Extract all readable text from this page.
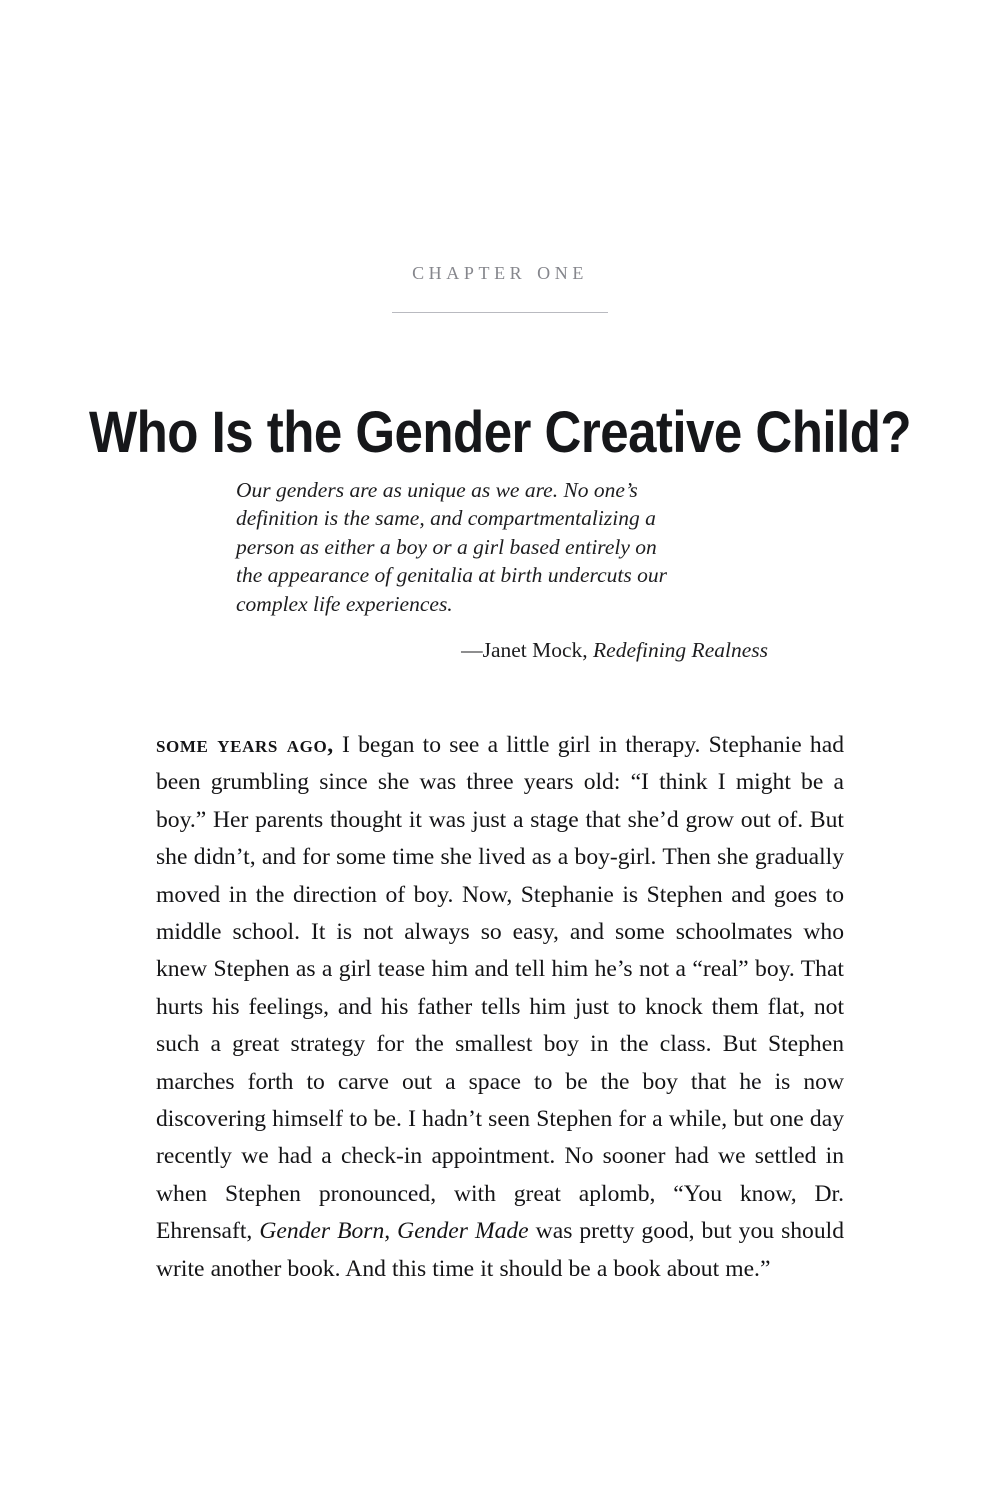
chapter one
Who Is the Gender Creative Child?

Our genders are as unique as we are. No one’s
definition is the same, and compartmentalizing a
person as either a boy or a girl based entirely on
the appearance of genitalia at birth undercuts our
complex life experiences.

—Janet Mock, Redefining Realness

some years ago, I began to see a little girl in therapy. Stephanie had been grumbling since she was three years old: “I think I might be a boy.” Her parents thought it was just a stage that she’d grow out of. But she didn’t, and for some time she lived as a boy-girl. Then she gradually moved in the direction of boy. Now, Stephanie is Stephen and goes to middle school. It is not always so easy, and some schoolmates who knew Stephen as a girl tease him and tell him he’s not a “real” boy. That hurts his feelings, and his father tells him just to knock them flat, not such a great strategy for the smallest boy in the class. But Stephen marches forth to carve out a space to be the boy that he is now discovering himself to be. I hadn’t seen Stephen for a while, but one day recently we had a check-in appointment. No sooner had we settled in when Stephen pronounced, with great aplomb, “You know, Dr. Ehrensaft, Gender Born, Gender Made was pretty good, but you should write another book. And this time it should be a book about me.”
